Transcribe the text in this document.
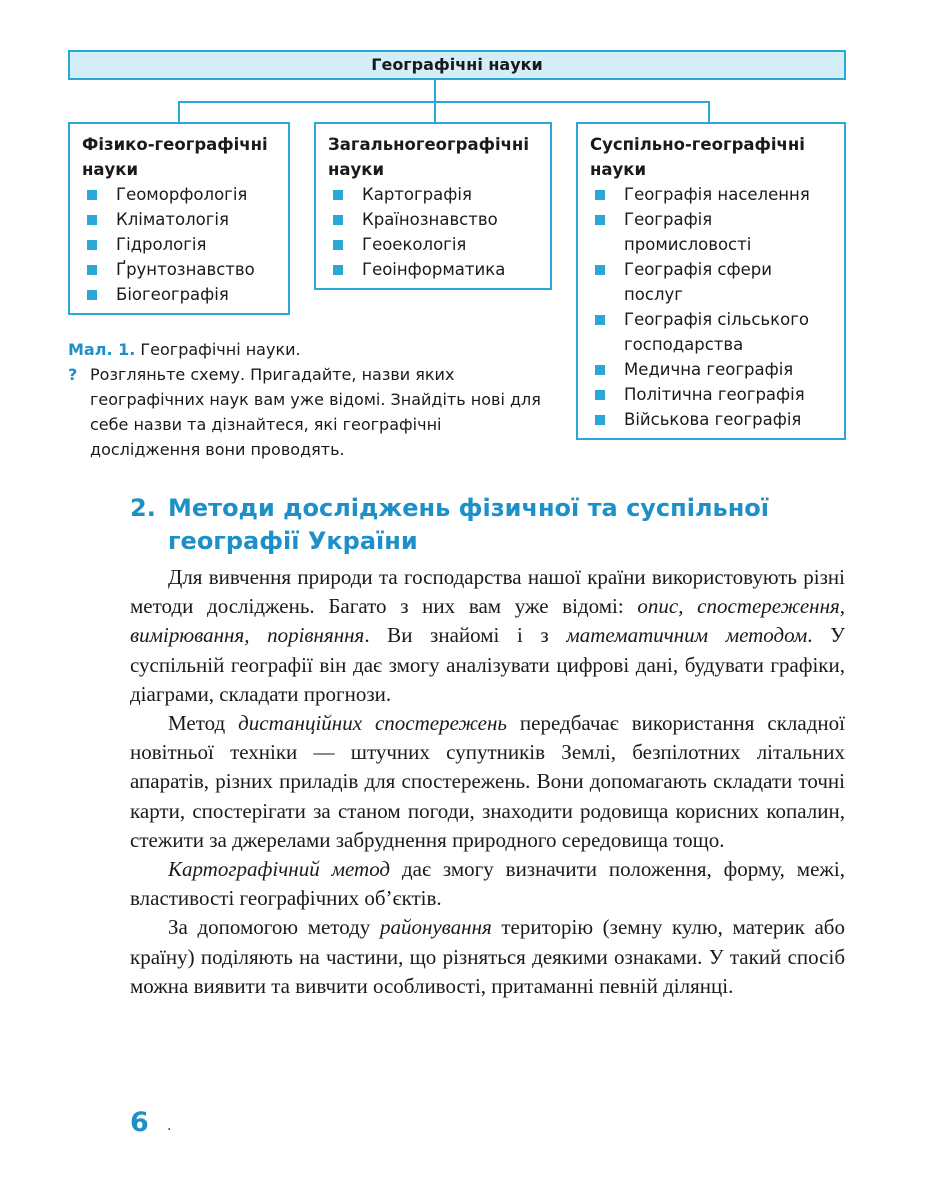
Географічні науки
Фізико-географічні науки
Геоморфологія
Кліматологія
Гідрологія
Ґрунтознавство
Біогеографія
Загальногеографічні науки
Картографія
Країнознавство
Геоекологія
Геоінформатика
Суспільно-географічні науки
Географія населення
Географія промисловості
Географія сфери послуг
Географія сільського господарства
Медична географія
Політична географія
Військова географія
Мал. 1. Географічні науки.
? Розгляньте схему. Пригадайте, назви яких географічних наук вам уже відомі. Знайдіть нові для себе назви та дізнайтеся, які географічні дослідження вони проводять.
2. Методи досліджень фізичної та суспільної географії України

Для вивчення природи та господарства нашої країни використовують різні методи досліджень. Багато з них вам уже відомі: опис, спостереження, вимірювання, порівняння. Ви знайомі і з математичним методом. У суспільній географії він дає змогу аналізувати цифрові дані, будувати графіки, діаграми, складати прогнози.

Метод дистанційних спостережень передбачає використання складної новітньої техніки — штучних супутників Землі, безпілотних літальних апаратів, різних приладів для спостережень. Вони допомагають складати точні карти, спостерігати за станом погоди, знаходити родовища корисних копалин, стежити за джерелами забруднення природного середовища тощо.

Картографічний метод дає змогу визначити положення, форму, межі, властивості географічних об’єктів.

За допомогою методу районування територію (земну кулю, материк або країну) поділяють на частини, що різняться деякими ознаками. У такий спосіб можна виявити та вивчити особливості, притаманні певній ділянці.

6 .
